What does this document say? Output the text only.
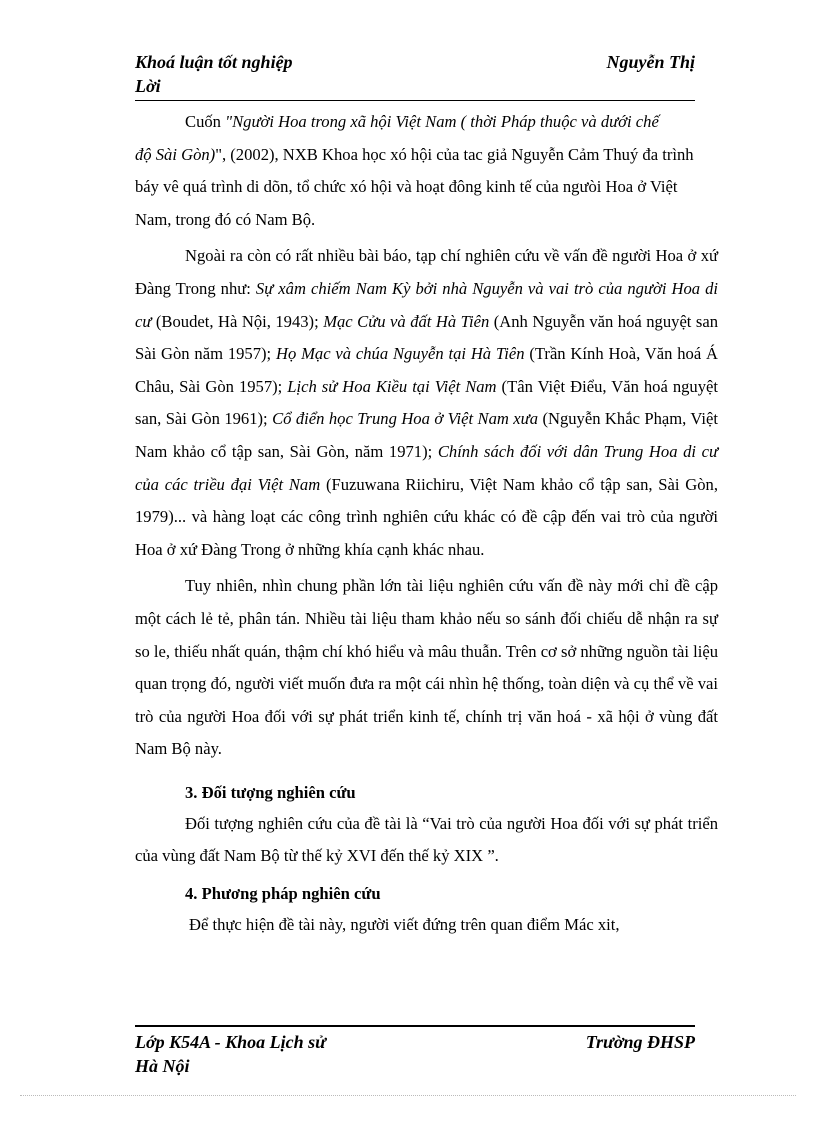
Khoá luận tốt nghiệp
Lời
Nguyễn Thị

Cuốn "Người Hoa trong xã hội Việt Nam ( thời Pháp thuộc và dưới chế
độ Sài Gòn)", (2002), NXB Khoa học xó hội của tac giả Nguyễn Cảm Thuý đa trình báy vê quá trình di dõn, tổ chức xó hội và hoạt đông kinh tế của ngưòi Hoa ở Việt Nam, trong đó có Nam Bộ.

Ngoài ra còn có rất nhiều bài báo, tạp chí nghiên cứu về vấn đề người Hoa ở xứ Đàng Trong như: Sự xâm chiếm Nam Kỳ bởi nhà Nguyễn và vai trò của người Hoa di cư (Boudet, Hà Nội, 1943); Mạc Cửu và đất Hà Tiên (Anh Nguyễn văn hoá nguyệt san Sài Gòn năm 1957); Họ Mạc và chúa Nguyễn tại Hà Tiên (Trần Kính Hoà, Văn hoá Á Châu, Sài Gòn 1957); Lịch sử Hoa Kiều tại Việt Nam (Tân Việt Điểu, Văn hoá nguyệt san, Sài Gòn 1961); Cổ điển học Trung Hoa ở Việt Nam xưa (Nguyễn Khắc Phạm, Việt Nam khảo cổ tập san, Sài Gòn, năm 1971); Chính sách đối với dân Trung Hoa di cư của các triều đại Việt Nam (Fuzuwana Riichiru, Việt Nam khảo cổ tập san, Sài Gòn, 1979)... và hàng loạt các công trình nghiên cứu khác có đề cập đến vai trò của người Hoa ở xứ Đàng Trong ở những khía cạnh khác nhau.

Tuy nhiên, nhìn chung phần lớn tài liệu nghiên cứu vấn đề này mới chỉ đề cập một cách lẻ tẻ, phân tán. Nhiều tài liệu tham khảo nếu so sánh đối chiếu dễ nhận ra sự so le, thiếu nhất quán, thậm chí khó hiểu và mâu thuẫn. Trên cơ sở những nguồn tài liệu quan trọng đó, người viết muốn đưa ra một cái nhìn hệ thống, toàn diện và cụ thể về vai trò của người Hoa đối với sự phát triển kinh tế, chính trị văn hoá - xã hội ở vùng đất Nam Bộ này.

3. Đối tượng nghiên cứu

Đối tượng nghiên cứu của đề tài là “Vai trò của người Hoa đối với sự phát triển của vùng đất Nam Bộ từ thế kỷ XVI đến thế kỷ XIX ”.

4. Phương pháp nghiên cứu

Để thực hiện đề tài này, người viết đứng trên quan điểm Mác xit,

Lớp K54A - Khoa Lịch sử
Hà Nội
Trường ĐHSP
